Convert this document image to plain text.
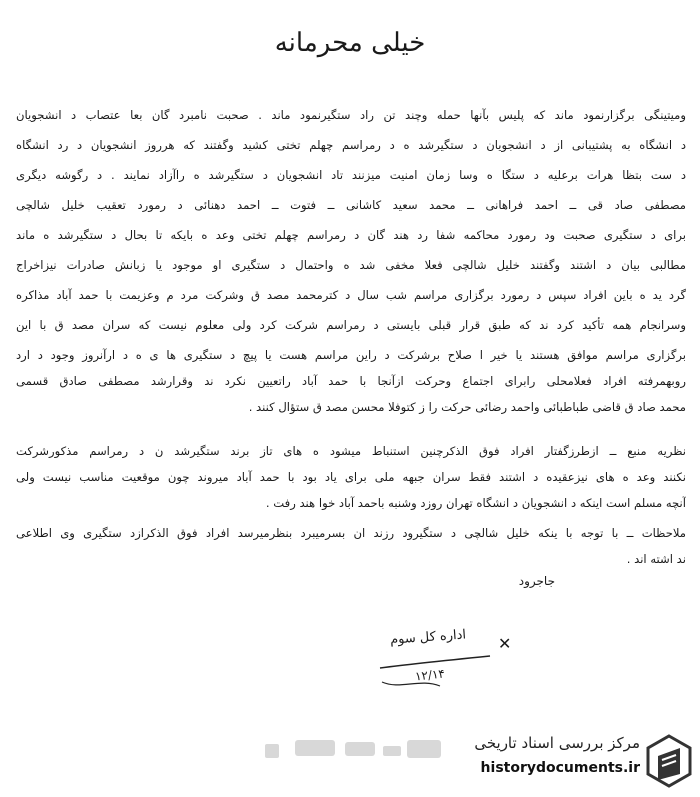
خیلی محرمانه
ومیتینگی برگزارنمود ماند که پلیس بآنها حمله وچند تن راد ستگیرنمود ماند . صحبت نامبرد گان بعا عتصاب د انشجویان
د انشگاه به پشتیبانی از د انشجویان د ستگیرشد ه د رمراسم چهلم تختی کشید وگفتند که هرروز انشجویان د رد انشگاه
د ست بتظا هرات برعلیه د ستگا ه وسا زمان امنیت میزنند تاد انشجویان د ستگیرشد ه راآزاد نمایند . د رگوشه دیگری
مصطفی صاد قی ــ احمد فراهانی ــ محمد سعید کاشانی ــ فتوت ــ احمد دهنائی د رمورد تعقیب خلیل شالچی
برای د ستگیری صحبت ود رمورد محاکمه شفا رد هند گان د رمراسم چهلم تختی وعد ه بایکه تا بحال د ستگیرشد ه ماند
مطالبی بیان د اشتند وگفتند خلیل شالچی فعلا مخفی شد ه واحتمال د ستگیری او موجود یا زبانش صادرات نیزاخراج
گرد ید ه باین افراد سپس د رمورد برگزاری مراسم شب سال د کترمحمد مصد ق وشرکت مرد م وعزیمت با حمد آباد مذاکره
وسرانجام همه تأکید کرد ند که طبق قرار قبلی بایستی د رمراسم شرکت کرد ولی معلوم نیست که سران مصد ق با این
برگزاری مراسم موافق هستند یا خیر ا صلاح برشرکت د راین مراسم هست یا پیچ د ستگیری ها ی ه د ارآنروز وجود د ارد
روبهمرفته افراد فعلامحلی رابرای اجتماع وحرکت ازآنجا با حمد آباد راتعیین نکرد ند وقرارشد مصطفی صادق قسمی
محمد صاد ق قاضی طباطبائی واحمد رضائی حرکت را ز کتوفلا محسن مصد ق ستؤال کنند .
نظریه منبع ــ ازطرزگفتار افراد فوق الذکرچنین استنباط میشود ه های تاز برند ستگیرشد ن د رمراسم مذکورشرکت
نکنند وعد ه های نیزعقیده د اشتند فقط سران جبهه ملی برای یاد بود با حمد آباد میروند چون موقعیت مناسب نیست ولی
آنچه مسلم است اینکه د انشجویان د انشگاه تهران روزد وشنبه باحمد آباد خوا هند رفت .
ملاحظات ــ با توجه با ینکه خلیل شالچی د ستگیرود رزند ان بسرمیبرد بنظرمیرسد افراد فوق الذکرازد ستگیری وی اطلاعی
ند اشته اند .
جاجرود
اداره کل سوم
۱۲/۱۴
✕
مرکز بررسی اسناد تاریخی
historydocuments.ir
